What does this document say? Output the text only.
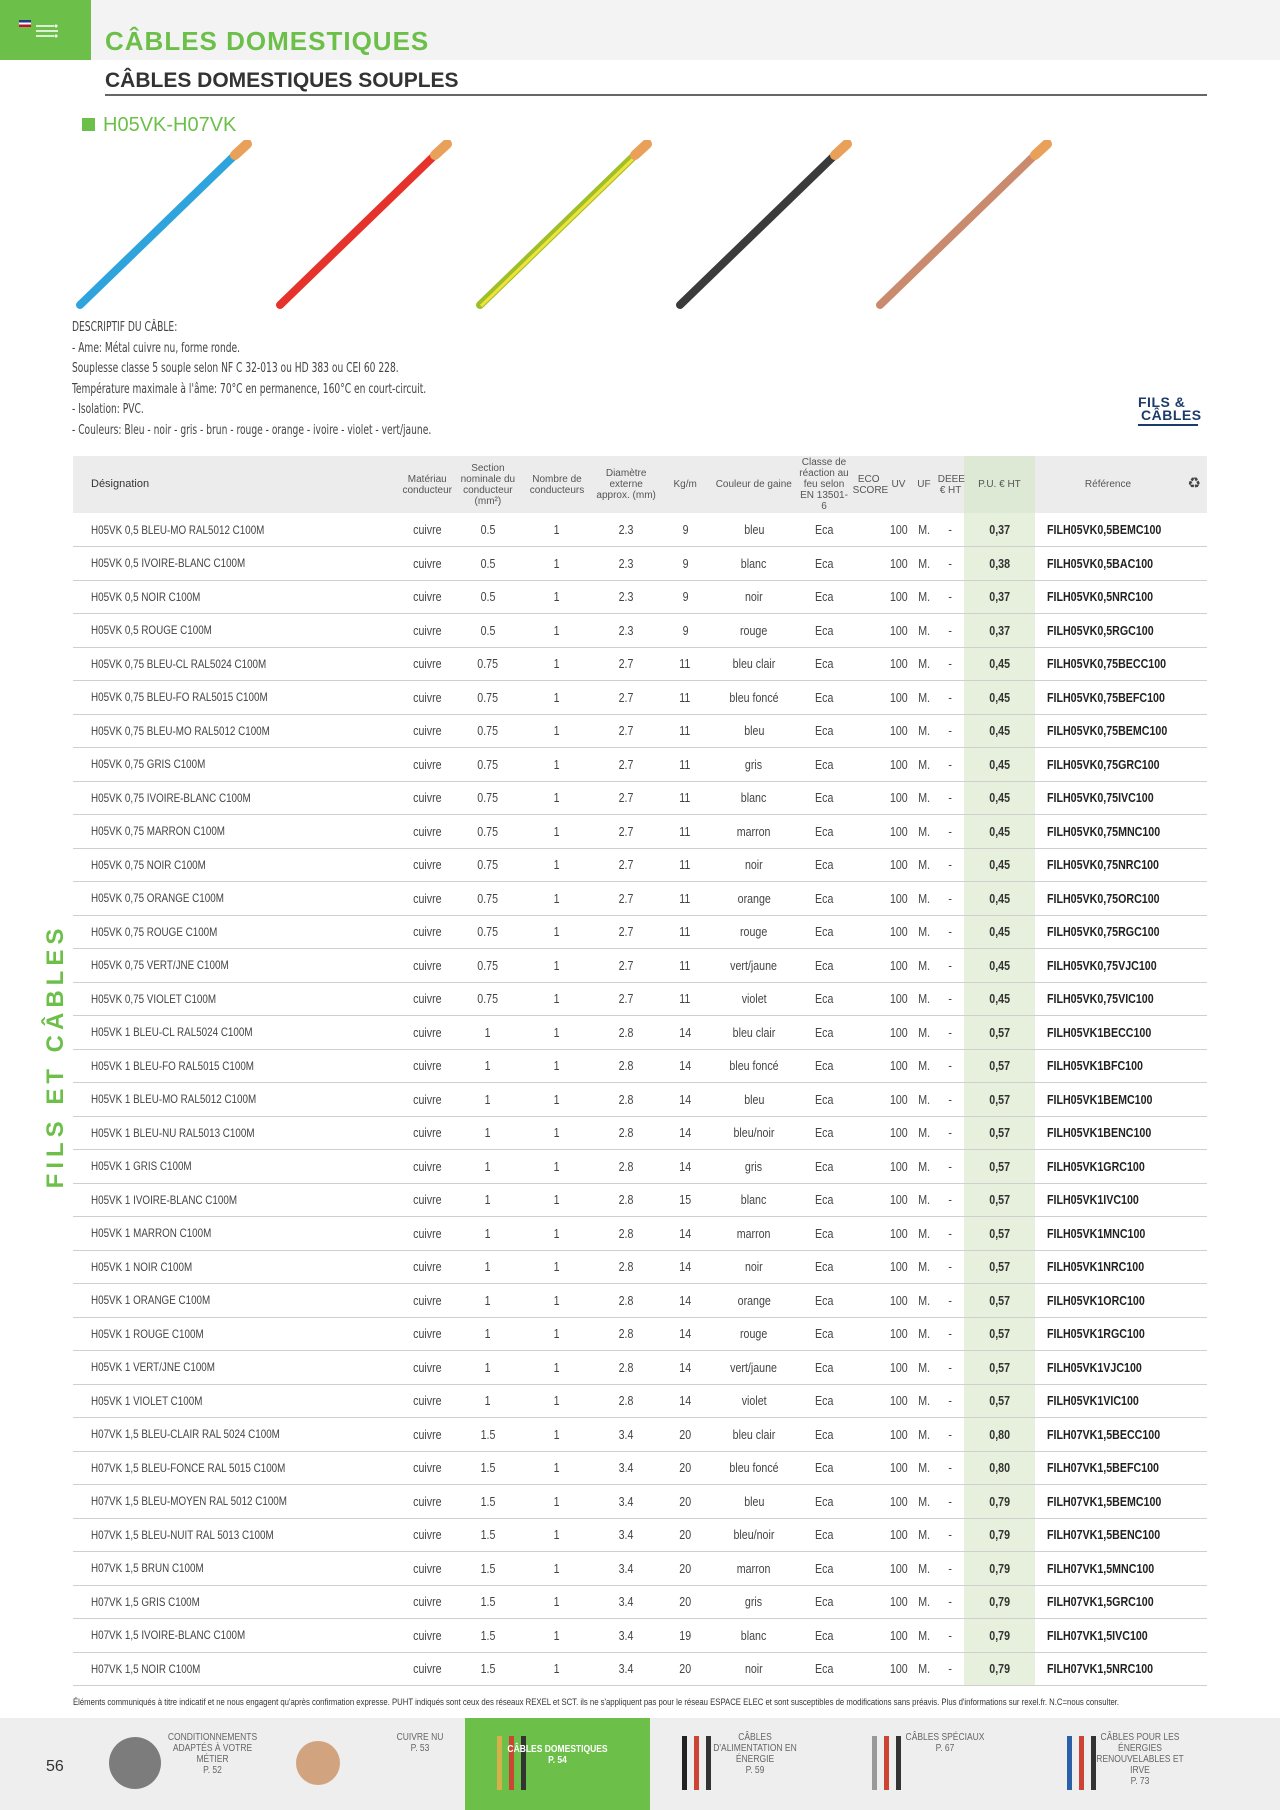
CÂBLES DOMESTIQUES
CÂBLES DOMESTIQUES SOUPLES
H05VK-H07VK
DESCRIPTIF DU CÂBLE:
- Ame: Métal cuivre nu, forme ronde.
Souplesse classe 5 souple selon NF C 32-013 ou HD 383 ou CEI 60 228.
Température maximale à l'âme: 70°C en permanence, 160°C en court-circuit.
- Isolation: PVC.
- Couleurs: Bleu - noir - gris - brun - rouge - orange - ivoire - violet - vert/jaune.
FILS &
CÂBLES
Désignation	Matériau conducteur	Section nominale du conducteur (mm²)	Nombre de conducteurs	Diamètre externe approx. (mm)	Kg/m	Couleur de gaine	Classe de réaction au feu selon EN 13501-6	ECO SCORE	UV	UF	DEEE € HT	P.U. € HT	Référence	♻
H05VK 0,5 BLEU-MO RAL5012 C100M	cuivre	0.5	1	2.3	9	bleu	Eca		100	M.	-	0,37	FILH05VK0,5BEMC100	
H05VK 0,5 IVOIRE-BLANC C100M	cuivre	0.5	1	2.3	9	blanc	Eca		100	M.	-	0,38	FILH05VK0,5BAC100	
H05VK 0,5 NOIR C100M	cuivre	0.5	1	2.3	9	noir	Eca		100	M.	-	0,37	FILH05VK0,5NRC100	
H05VK 0,5 ROUGE C100M	cuivre	0.5	1	2.3	9	rouge	Eca		100	M.	-	0,37	FILH05VK0,5RGC100	
H05VK 0,75 BLEU-CL RAL5024 C100M	cuivre	0.75	1	2.7	11	bleu clair	Eca		100	M.	-	0,45	FILH05VK0,75BECC100	
H05VK 0,75 BLEU-FO RAL5015 C100M	cuivre	0.75	1	2.7	11	bleu foncé	Eca		100	M.	-	0,45	FILH05VK0,75BEFC100	
H05VK 0,75 BLEU-MO RAL5012 C100M	cuivre	0.75	1	2.7	11	bleu	Eca		100	M.	-	0,45	FILH05VK0,75BEMC100	
H05VK 0,75 GRIS C100M	cuivre	0.75	1	2.7	11	gris	Eca		100	M.	-	0,45	FILH05VK0,75GRC100	
H05VK 0,75 IVOIRE-BLANC C100M	cuivre	0.75	1	2.7	11	blanc	Eca		100	M.	-	0,45	FILH05VK0,75IVC100	
H05VK 0,75 MARRON C100M	cuivre	0.75	1	2.7	11	marron	Eca		100	M.	-	0,45	FILH05VK0,75MNC100	
H05VK 0,75 NOIR C100M	cuivre	0.75	1	2.7	11	noir	Eca		100	M.	-	0,45	FILH05VK0,75NRC100	
H05VK 0,75 ORANGE C100M	cuivre	0.75	1	2.7	11	orange	Eca		100	M.	-	0,45	FILH05VK0,75ORC100	
H05VK 0,75 ROUGE C100M	cuivre	0.75	1	2.7	11	rouge	Eca		100	M.	-	0,45	FILH05VK0,75RGC100	
H05VK 0,75 VERT/JNE C100M	cuivre	0.75	1	2.7	11	vert/jaune	Eca		100	M.	-	0,45	FILH05VK0,75VJC100	
H05VK 0,75 VIOLET C100M	cuivre	0.75	1	2.7	11	violet	Eca		100	M.	-	0,45	FILH05VK0,75VIC100	
H05VK 1 BLEU-CL RAL5024 C100M	cuivre	1	1	2.8	14	bleu clair	Eca		100	M.	-	0,57	FILH05VK1BECC100	
H05VK 1 BLEU-FO RAL5015 C100M	cuivre	1	1	2.8	14	bleu foncé	Eca		100	M.	-	0,57	FILH05VK1BFC100	
H05VK 1 BLEU-MO RAL5012 C100M	cuivre	1	1	2.8	14	bleu	Eca		100	M.	-	0,57	FILH05VK1BEMC100	
H05VK 1 BLEU-NU RAL5013 C100M	cuivre	1	1	2.8	14	bleu/noir	Eca		100	M.	-	0,57	FILH05VK1BENC100	
H05VK 1 GRIS C100M	cuivre	1	1	2.8	14	gris	Eca		100	M.	-	0,57	FILH05VK1GRC100	
H05VK 1 IVOIRE-BLANC C100M	cuivre	1	1	2.8	15	blanc	Eca		100	M.	-	0,57	FILH05VK1IVC100	
H05VK 1 MARRON C100M	cuivre	1	1	2.8	14	marron	Eca		100	M.	-	0,57	FILH05VK1MNC100	
H05VK 1 NOIR C100M	cuivre	1	1	2.8	14	noir	Eca		100	M.	-	0,57	FILH05VK1NRC100	
H05VK 1 ORANGE C100M	cuivre	1	1	2.8	14	orange	Eca		100	M.	-	0,57	FILH05VK1ORC100	
H05VK 1 ROUGE C100M	cuivre	1	1	2.8	14	rouge	Eca		100	M.	-	0,57	FILH05VK1RGC100	
H05VK 1 VERT/JNE C100M	cuivre	1	1	2.8	14	vert/jaune	Eca		100	M.	-	0,57	FILH05VK1VJC100	
H05VK 1 VIOLET C100M	cuivre	1	1	2.8	14	violet	Eca		100	M.	-	0,57	FILH05VK1VIC100	
H07VK 1,5 BLEU-CLAIR RAL 5024 C100M	cuivre	1.5	1	3.4	20	bleu clair	Eca		100	M.	-	0,80	FILH07VK1,5BECC100	
H07VK 1,5 BLEU-FONCE RAL 5015 C100M	cuivre	1.5	1	3.4	20	bleu foncé	Eca		100	M.	-	0,80	FILH07VK1,5BEFC100	
H07VK 1,5 BLEU-MOYEN RAL 5012 C100M	cuivre	1.5	1	3.4	20	bleu	Eca		100	M.	-	0,79	FILH07VK1,5BEMC100	
H07VK 1,5 BLEU-NUIT RAL 5013 C100M	cuivre	1.5	1	3.4	20	bleu/noir	Eca		100	M.	-	0,79	FILH07VK1,5BENC100	
H07VK 1,5 BRUN C100M	cuivre	1.5	1	3.4	20	marron	Eca		100	M.	-	0,79	FILH07VK1,5MNC100	
H07VK 1,5 GRIS C100M	cuivre	1.5	1	3.4	20	gris	Eca		100	M.	-	0,79	FILH07VK1,5GRC100	
H07VK 1,5 IVOIRE-BLANC C100M	cuivre	1.5	1	3.4	19	blanc	Eca		100	M.	-	0,79	FILH07VK1,5IVC100	
H07VK 1,5 NOIR C100M	cuivre	1.5	1	3.4	20	noir	Eca		100	M.	-	0,79	FILH07VK1,5NRC100	
Éléments communiqués à titre indicatif et ne nous engagent qu'après confirmation expresse. PUHT indiqués sont ceux des réseaux REXEL et SCT. ils ne s'appliquent pas pour le réseau ESPACE ELEC et sont susceptibles de modifications sans préavis. Plus d'informations sur rexel.fr. N.C=nous consulter.
FILS ET CÂBLES
56
CONDITIONNEMENTS ADAPTÉS À VOTRE MÉTIER
P. 52
CUIVRE NU
P. 53	CÂBLES DOMESTIQUES
P. 54
CÂBLES D'ALIMENTATION EN ÉNERGIE
P. 59
CÂBLES SPÉCIAUX
P. 67
CÂBLES POUR LES ÉNERGIES RENOUVELABLES ET IRVE
P. 73
